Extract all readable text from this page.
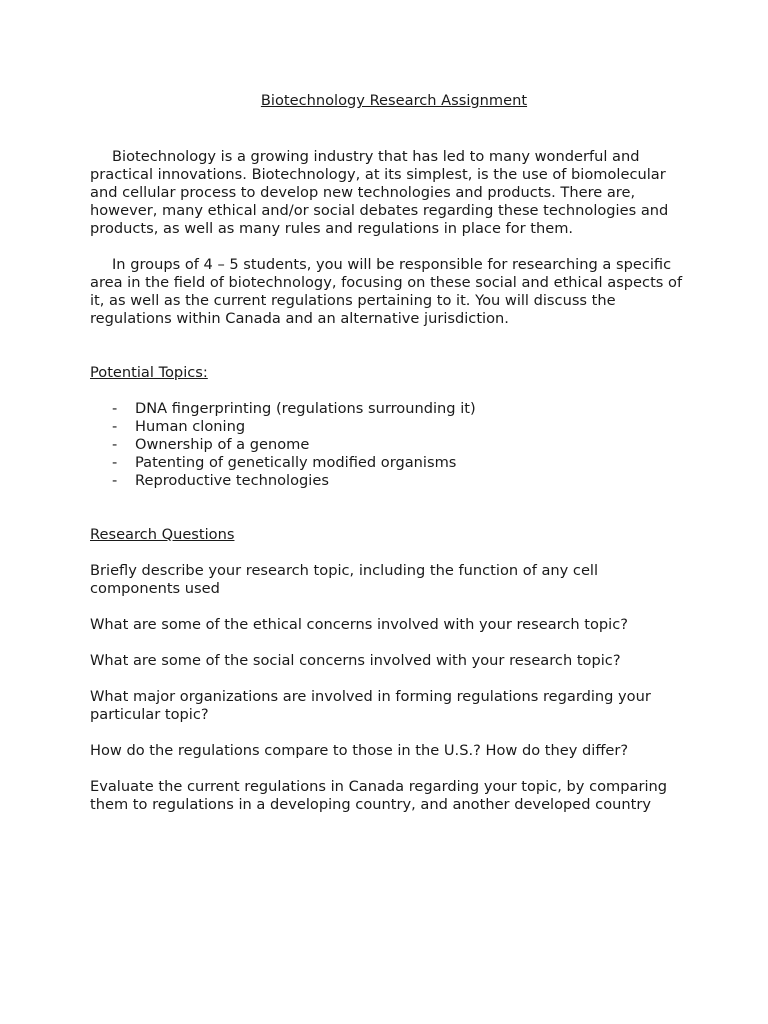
Biotechnology Research Assignment

Biotechnology is a growing industry that has led to many wonderful and practical innovations. Biotechnology, at its simplest, is the use of biomolecular and cellular process to develop new technologies and products. There are, however, many ethical and/or social debates regarding these technologies and products, as well as many rules and regulations in place for them.

In groups of 4 – 5 students, you will be responsible for researching a specific area in the field of biotechnology, focusing on these social and ethical aspects of it, as well as the current regulations pertaining to it. You will discuss the regulations within Canada and an alternative jurisdiction.

Potential Topics:

- DNA fingerprinting (regulations surrounding it)
- Human cloning
- Ownership of a genome
- Patenting of genetically modified organisms
- Reproductive technologies

Research Questions

Briefly describe your research topic, including the function of any cell components used

What are some of the ethical concerns involved with your research topic?

What are some of the social concerns involved with your research topic?

What major organizations are involved in forming regulations regarding your particular topic?

How do the regulations compare to those in the U.S.? How do they differ?

Evaluate the current regulations in Canada regarding your topic, by comparing them to regulations in a developing country, and another developed country
